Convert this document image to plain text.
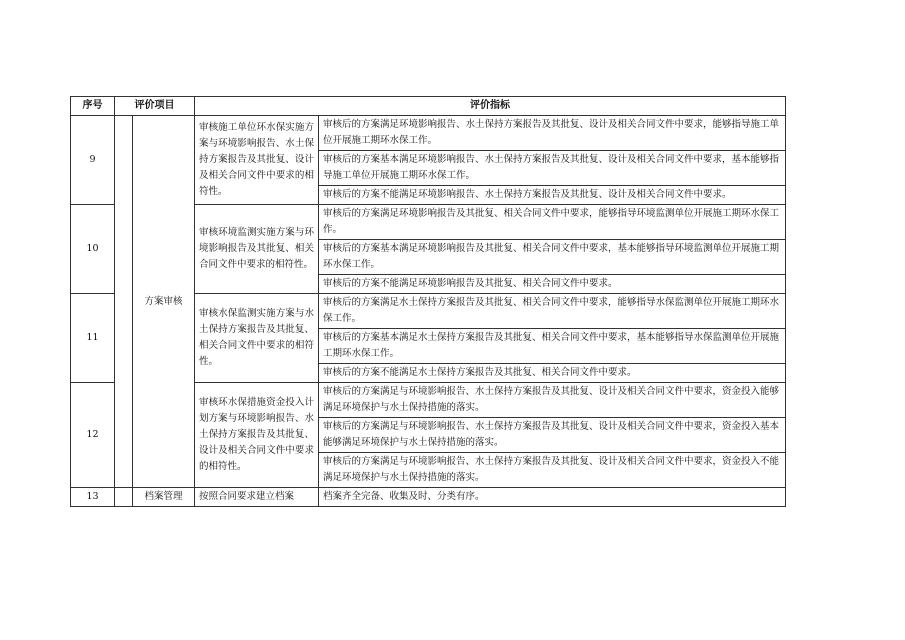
序号	评价项目		评价指标	
9		方案审核	审核施工单位环水保实施方案与环境影响报告、水土保持方案报告及其批复、设计及相关合同文件中要求的相符性。	审核后的方案满足环境影响报告、水土保持方案报告及其批复、设计及相关合同文件中要求，能够指导施工单位开展施工期环水保工作。
				审核后的方案基本满足环境影响报告、水土保持方案报告及其批复、设计及相关合同文件中要求，基本能够指导施工单位开展施工期环水保工作。
				审核后的方案不能满足环境影响报告、水土保持方案报告及其批复、设计及相关合同文件中要求。
10			审核环境监测实施方案与环境影响报告及其批复、相关合同文件中要求的相符性。	审核后的方案满足环境影响报告及其批复、相关合同文件中要求，能够指导环境监测单位开展施工期环水保工作。
				审核后的方案基本满足环境影响报告及其批复、相关合同文件中要求，基本能够指导环境监测单位开展施工期环水保工作。
				审核后的方案不能满足环境影响报告及其批复、相关合同文件中要求。
11			审核水保监测实施方案与水土保持方案报告及其批复、相关合同文件中要求的相符性。	审核后的方案满足水土保持方案报告及其批复、相关合同文件中要求，能够指导水保监测单位开展施工期环水保工作。
				审核后的方案基本满足水土保持方案报告及其批复、相关合同文件中要求，基本能够指导水保监测单位开展施工期环水保工作。
				审核后的方案不能满足水土保持方案报告及其批复、相关合同文件中要求。
12			审核环水保措施资金投入计划方案与环境影响报告、水土保持方案报告及其批复、设计及相关合同文件中要求的相符性。	审核后的方案满足与环境影响报告、水土保持方案报告及其批复、设计及相关合同文件中要求，资金投入能够满足环境保护与水土保持措施的落实。
				审核后的方案满足与环境影响报告、水土保持方案报告及其批复、设计及相关合同文件中要求，资金投入基本能够满足环境保护与水土保持措施的落实。
				审核后的方案满足与环境影响报告、水土保持方案报告及其批复、设计及相关合同文件中要求，资金投入不能满足环境保护与水土保持措施的落实。
13		档案管理	按照合同要求建立档案	档案齐全完备、收集及时、分类有序。
